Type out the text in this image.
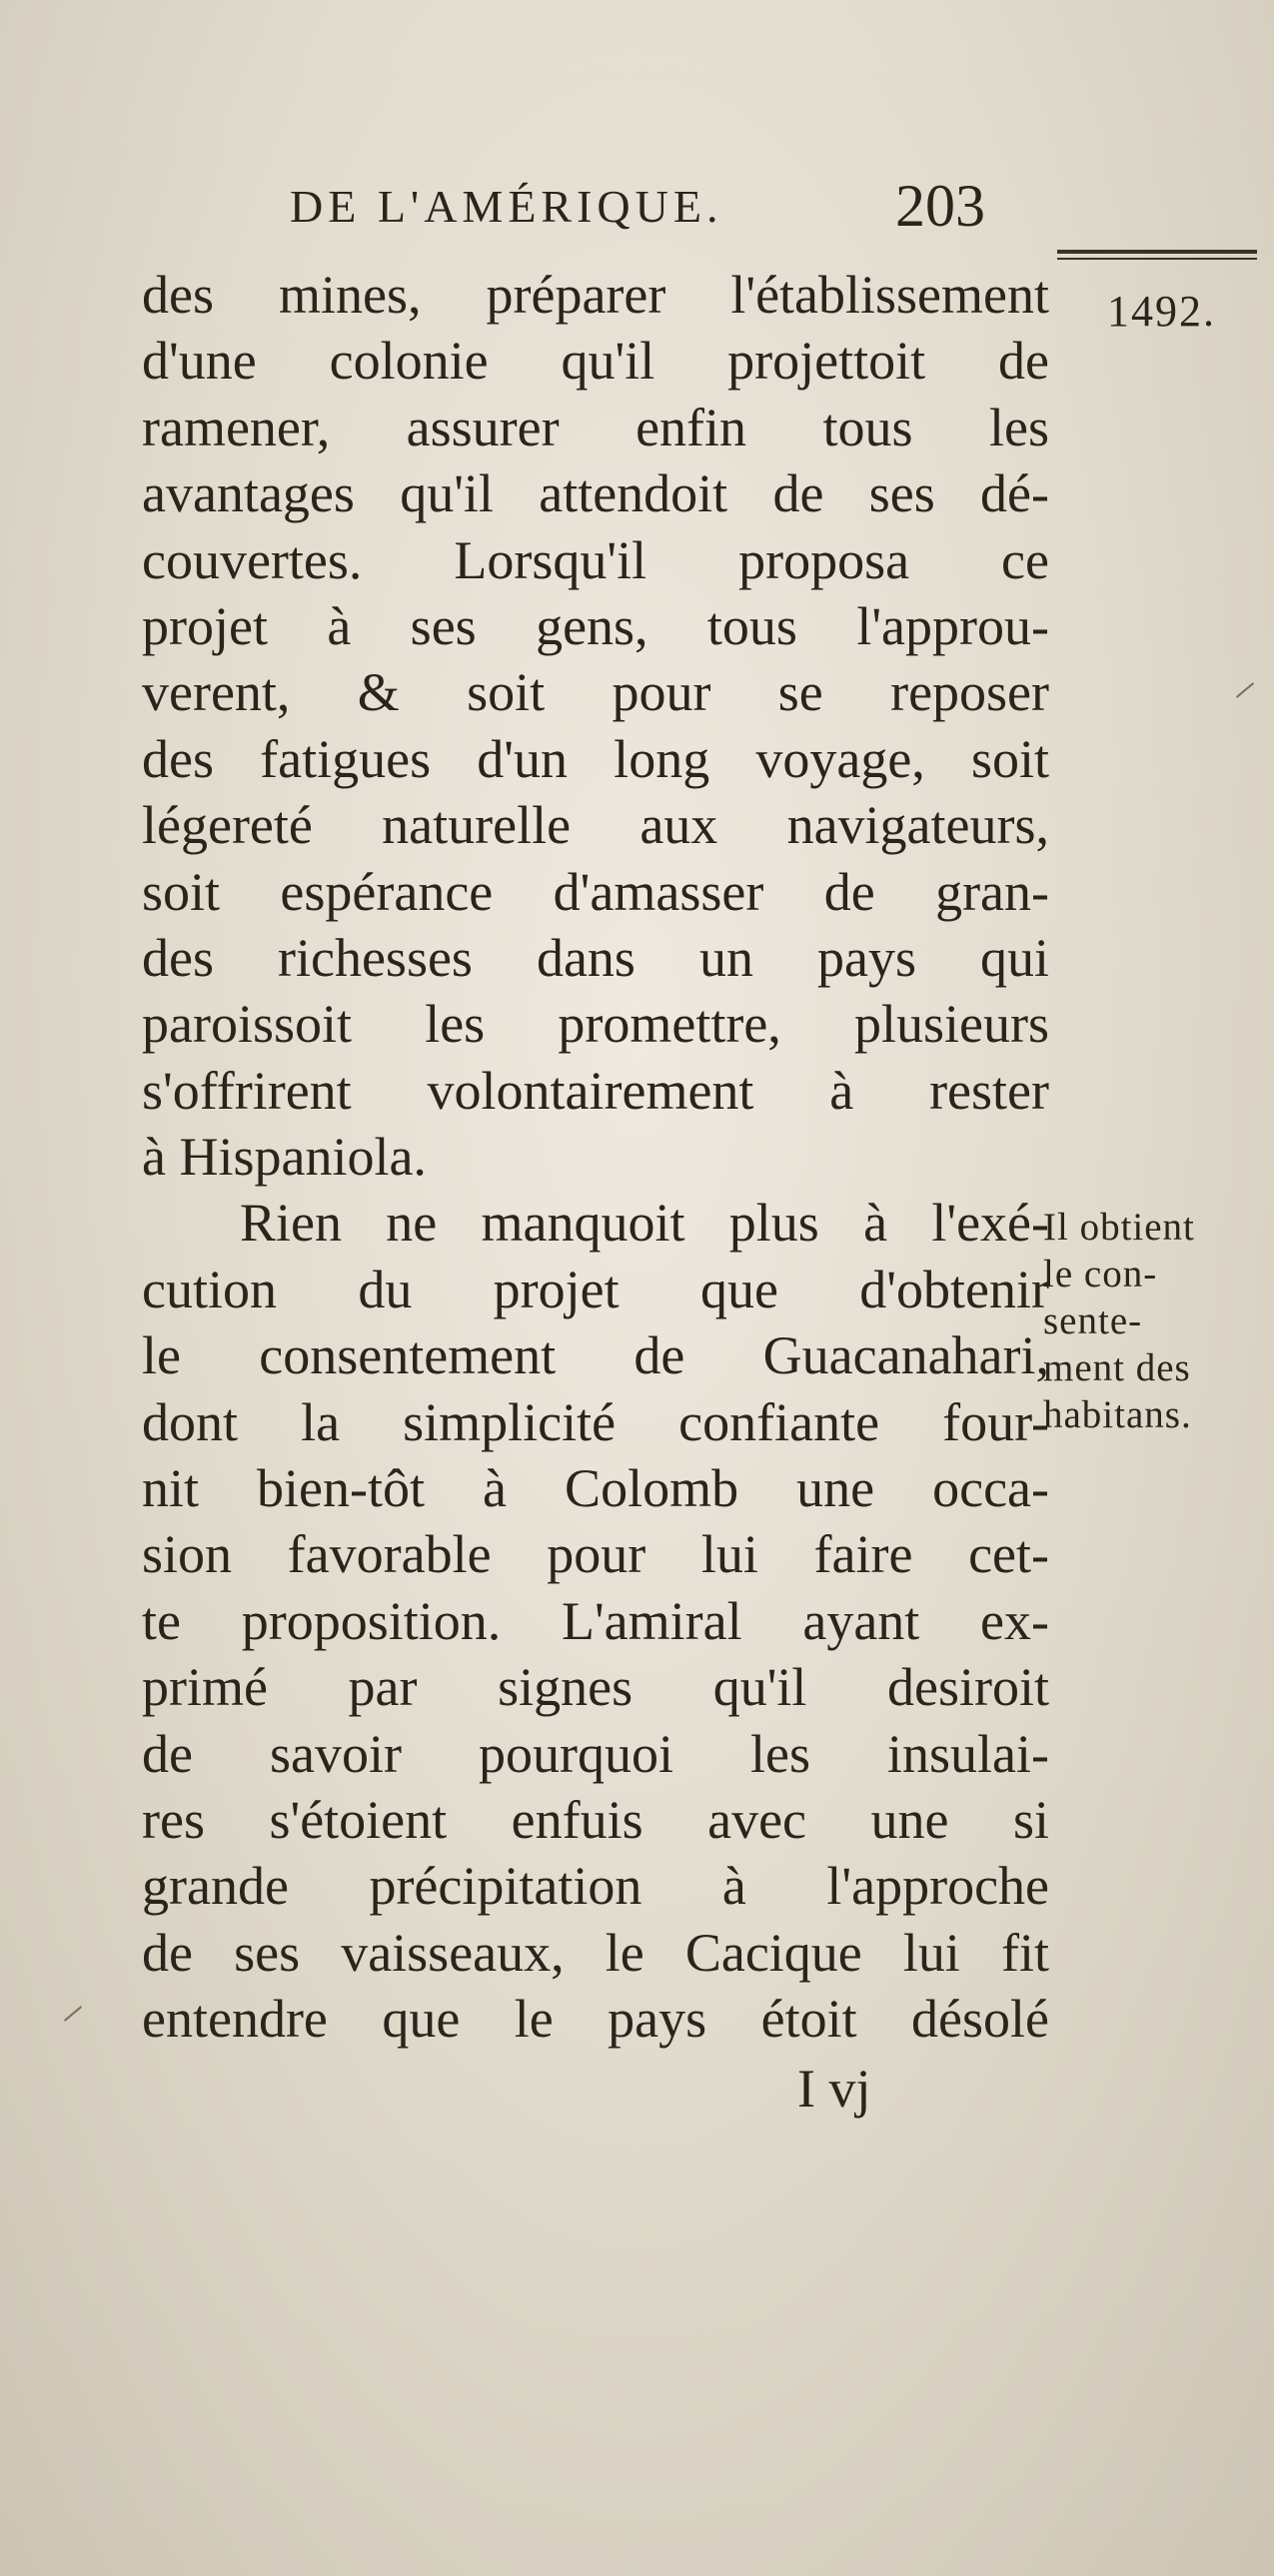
DE L'AMÉRIQUE.	203
1492.
des mines, préparer l'établissement
d'une colonie qu'il projettoit de
ramener, assurer enfin tous les
avantages qu'il attendoit de ses dé-
couvertes. Lorsqu'il proposa ce
projet à ses gens, tous l'approu-
verent, & soit pour se reposer
des fatigues d'un long voyage, soit
légereté naturelle aux navigateurs,
soit espérance d'amasser de gran-
des richesses dans un pays qui
paroissoit les promettre, plusieurs
s'offrirent volontairement à rester
à Hispaniola.
Rien ne manquoit plus à l'exé-
cution du projet que d'obtenir
le consentement de Guacanahari,
dont la simplicité confiante four-
nit bien-tôt à Colomb une occa-
sion favorable pour lui faire cet-
te proposition. L'amiral ayant ex-
primé par signes qu'il desiroit
de savoir pourquoi les insulai-
res s'étoient enfuis avec une si
grande précipitation à l'approche
de ses vaisseaux, le Cacique lui fit
entendre que le pays étoit désolé
Il obtient
le con-
sente-
ment des
habitans.
I vj
